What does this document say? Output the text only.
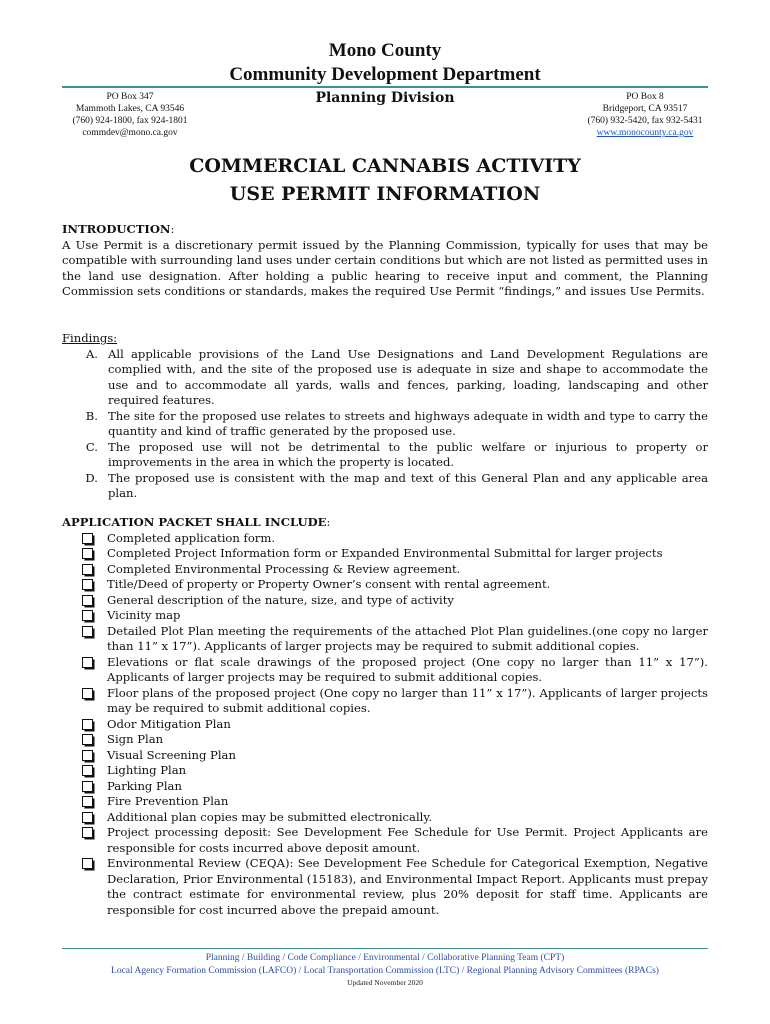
Mono County
Community Development Department
PO Box 347
Mammoth Lakes, CA 93546
(760) 924-1800, fax 924-1801
commdev@mono.ca.gov
Planning Division	PO Box 8
Bridgeport, CA 93517
(760) 932-5420, fax 932-5431
www.monocounty.ca.gov
COMMERCIAL CANNABIS ACTIVITY
USE PERMIT INFORMATION
INTRODUCTION:
A Use Permit is a discretionary permit issued by the Planning Commission, typically for uses that may be compatible with surrounding land uses under certain conditions but which are not listed as permitted uses in the land use designation. After holding a public hearing to receive input and comment, the Planning Commission sets conditions or standards, makes the required Use Permit “findings,” and issues Use Permits.
Findings:
A. All applicable provisions of the Land Use Designations and Land Development Regulations are complied with, and the site of the proposed use is adequate in size and shape to accommodate the use and to accommodate all yards, walls and fences, parking, loading, landscaping and other required features.
B. The site for the proposed use relates to streets and highways adequate in width and type to carry the quantity and kind of traffic generated by the proposed use.
C. The proposed use will not be detrimental to the public welfare or injurious to property or improvements in the area in which the property is located.
D. The proposed use is consistent with the map and text of this General Plan and any applicable area plan.
APPLICATION PACKET SHALL INCLUDE:
Completed application form.
Completed Project Information form or Expanded Environmental Submittal for larger projects
Completed Environmental Processing & Review agreement.
Title/Deed of property or Property Owner’s consent with rental agreement.
General description of the nature, size, and type of activity
Vicinity map
Detailed Plot Plan meeting the requirements of the attached Plot Plan guidelines.(one copy no larger than 11” x 17”). Applicants of larger projects may be required to submit additional copies.
Elevations or flat scale drawings of the proposed project (One copy no larger than 11” x 17”). Applicants of larger projects may be required to submit additional copies.
Floor plans of the proposed project (One copy no larger than 11” x 17”). Applicants of larger projects may be required to submit additional copies.
Odor Mitigation Plan
Sign Plan
Visual Screening Plan
Lighting Plan
Parking Plan
Fire Prevention Plan
Additional plan copies may be submitted electronically.
Project processing deposit: See Development Fee Schedule for Use Permit. Project Applicants are responsible for costs incurred above deposit amount.
Environmental Review (CEQA): See Development Fee Schedule for Categorical Exemption, Negative Declaration, Prior Environmental (15183), and Environmental Impact Report. Applicants must prepay the contract estimate for environmental review, plus 20% deposit for staff time. Applicants are responsible for cost incurred above the prepaid amount.
Planning / Building / Code Compliance / Environmental / Collaborative Planning Team (CPT)
Local Agency Formation Commission (LAFCO) / Local Transportation Commission (LTC) / Regional Planning Advisory Committees (RPACs)
Updated November 2020
